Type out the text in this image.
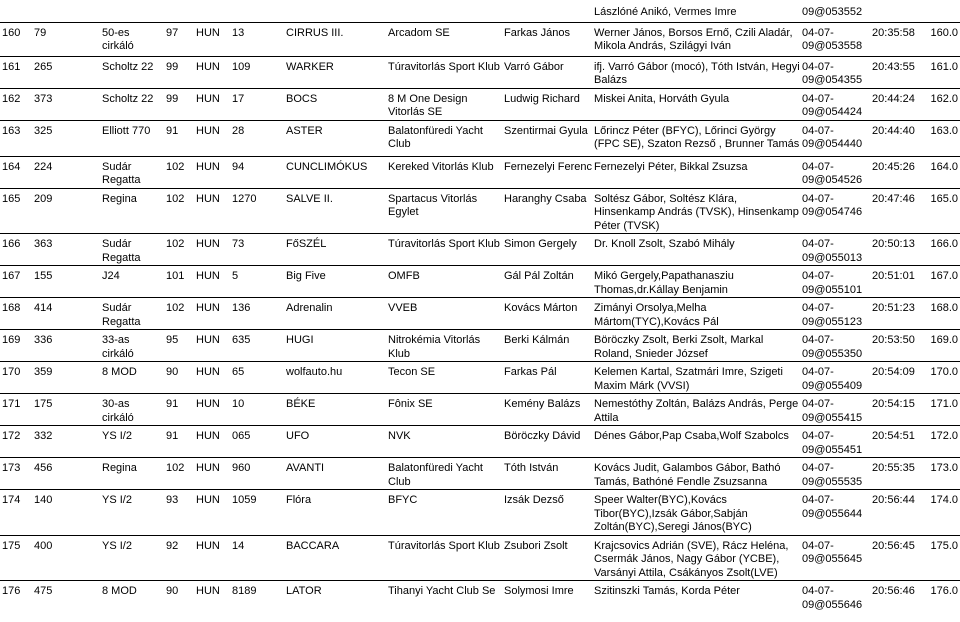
									Lászlóné Anikó, Vermes Imre	09@053552		
160	79	50-es cirkáló	97	HUN	13	CIRRUS III.	Arcadom SE	Farkas János	Werner János, Borsos Ernő, Czili Aladár, Mikola András, Szilágyi Iván	04-07-
09@053558	20:35:58	160.0
161	265	Scholtz 22	99	HUN	109	WARKER	Túravitorlás Sport Klub	Varró Gábor	ifj. Varró Gábor (mocó), Tóth István, Hegyi Balázs	04-07-
09@054355	20:43:55	161.0
162	373	Scholtz 22	99	HUN	17	BOCS	8 M One Design Vitorlás SE	Ludwig Richard	Miskei Anita, Horváth Gyula	04-07-
09@054424	20:44:24	162.0
163	325	Elliott 770	91	HUN	28	ASTER	Balatonfüredi Yacht Club	Szentirmai Gyula	Lőrincz Péter (BFYC), Lőrinci György (FPC SE), Szaton Rezső , Brunner Tamás	04-07-
09@054440	20:44:40	163.0
164	224	Sudár Regatta	102	HUN	94	CUNCLIMÓKUS	Kereked Vitorlás Klub	Fernezelyi Ferenc	Fernezelyi Péter, Bikkal Zsuzsa	04-07-
09@054526	20:45:26	164.0
165	209	Regina	102	HUN	1270	SALVE II.	Spartacus Vitorlás Egylet	Haranghy Csaba	Soltész Gábor, Soltész Klára, Hinsenkamp András (TVSK), Hinsenkamp Péter (TVSK)	04-07-
09@054746	20:47:46	165.0
166	363	Sudár Regatta	102	HUN	73	FőSZÉL	Túravitorlás Sport Klub	Simon Gergely	Dr. Knoll Zsolt, Szabó Mihály	04-07-
09@055013	20:50:13	166.0
167	155	J24	101	HUN	5	Big Five	OMFB	Gál Pál Zoltán	Mikó Gergely,Papathanasziu Thomas,dr.Kállay Benjamin	04-07-
09@055101	20:51:01	167.0
168	414	Sudár Regatta	102	HUN	136	Adrenalin	VVEB	Kovács Márton	Zimányi Orsolya,Melha Mártom(TYC),Kovács Pál	04-07-
09@055123	20:51:23	168.0
169	336	33-as cirkáló	95	HUN	635	HUGI	Nitrokémia Vitorlás Klub	Berki Kálmán	Böröczky Zsolt, Berki Zsolt, Markal Roland, Snieder József	04-07-
09@055350	20:53:50	169.0
170	359	8 MOD	90	HUN	65	wolfauto.hu	Tecon SE	Farkas Pál	Kelemen Kartal, Szatmári Imre, Szigeti Maxim Márk (VVSI)	04-07-
09@055409	20:54:09	170.0
171	175	30-as cirkáló	91	HUN	10	BÉKE	Fônix SE	Kemény Balázs	Nemestóthy Zoltán, Balázs András, Perge Attila	04-07-
09@055415	20:54:15	171.0
172	332	YS I/2	91	HUN	065	UFO	NVK	Böröczky Dávid	Dénes Gábor,Pap Csaba,Wolf Szabolcs	04-07-
09@055451	20:54:51	172.0
173	456	Regina	102	HUN	960	AVANTI	Balatonfüredi Yacht Club	Tóth István	Kovács Judit, Galambos Gábor, Bathó Tamás, Bathóné Fendle Zsuzsanna	04-07-
09@055535	20:55:35	173.0
174	140	YS I/2	93	HUN	1059	Flóra	BFYC	Izsák Dezső	Speer Walter(BYC),Kovács Tibor(BYC),Izsák Gábor,Sabján Zoltán(BYC),Seregi János(BYC)	04-07-
09@055644	20:56:44	174.0
175	400	YS I/2	92	HUN	14	BACCARA	Túravitorlás Sport Klub	Zsubori Zsolt	Krajcsovics Adrián (SVE), Rácz Heléna, Csermák János, Nagy Gábor (YCBE), Varsányi Attila, Csákányos Zsolt(LVE)	04-07-
09@055645	20:56:45	175.0
176	475	8 MOD	90	HUN	8189	LATOR	Tihanyi Yacht Club Se	Solymosi Imre	Szitinszki Tamás, Korda Péter	04-07-
09@055646	20:56:46	176.0
